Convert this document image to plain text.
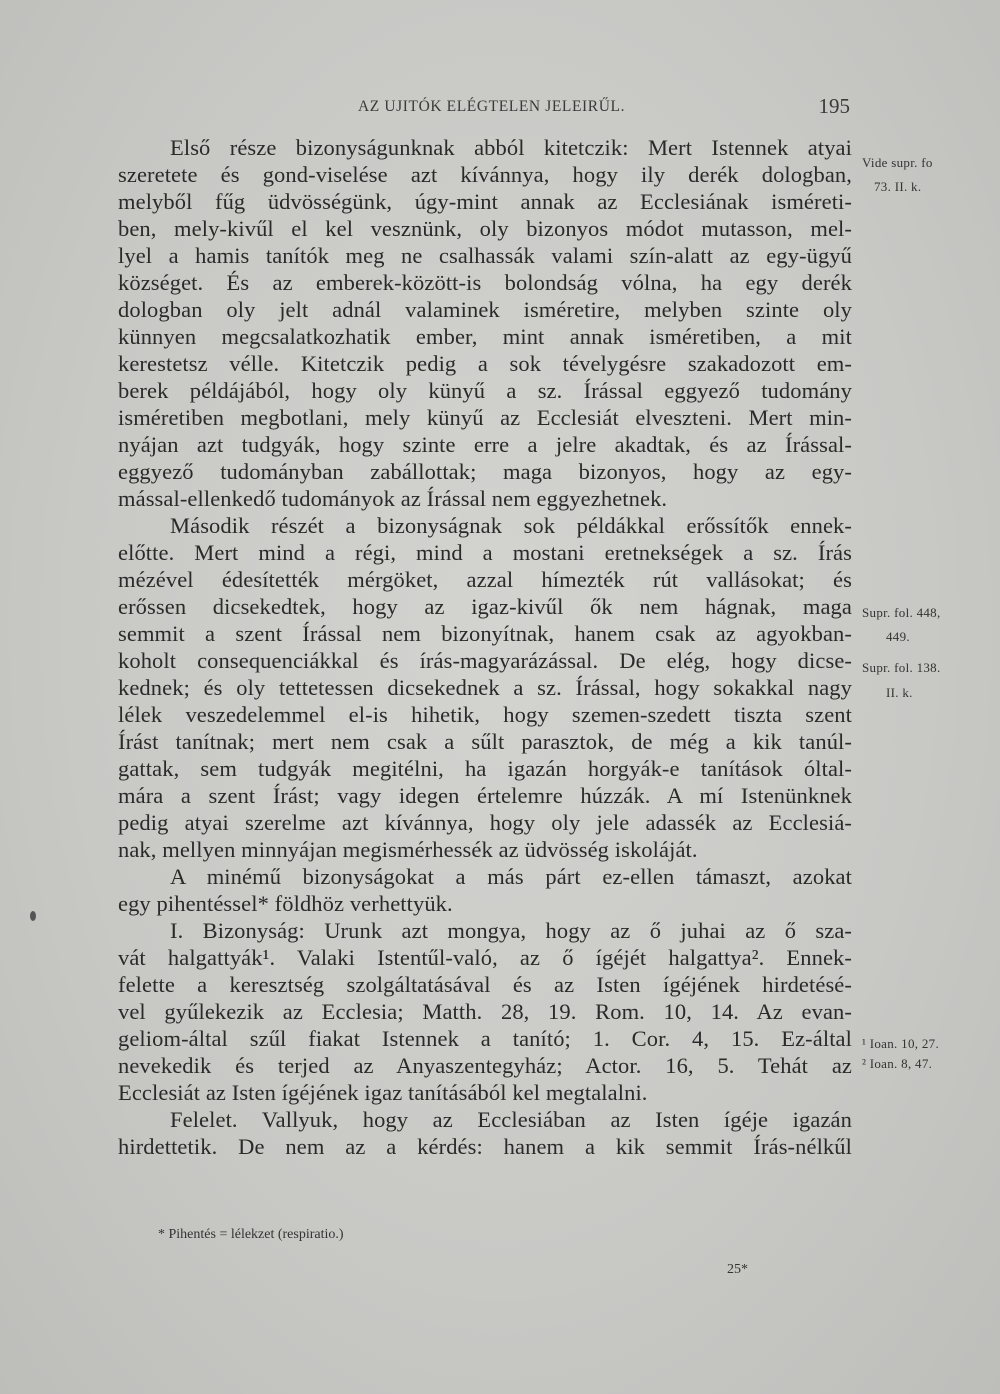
AZ UJITÓK ELÉGTELEN JELEIRŰL.	195
Első része bizonyságunknak abból kitetczik: Mert Istennek atyai
szeretete és gond-viselése azt kívánnya, hogy ily derék dologban,
melyből fűg üdvösségünk, úgy-mint annak az Ecclesiának isméreti-
ben, mely-kivűl el kel vesznünk, oly bizonyos módot mutasson, mel-
lyel a hamis tanítók meg ne csalhassák valami szín-alatt az egy-ügyű
községet. És az emberek-között-is bolondság vólna, ha egy derék
dologban oly jelt adnál valaminek isméretire, melyben szinte oly
künnyen megcsalatkozhatik ember, mint annak isméretiben, a mit
kerestetsz vélle. Kitetczik pedig a sok tévelygésre szakadozott em-
berek példájából, hogy oly künyű a sz. Írással eggyező tudomány
isméretiben megbotlani, mely künyű az Ecclesiát elveszteni. Mert min-
nyájan azt tudgyák, hogy szinte erre a jelre akadtak, és az Írással-
eggyező tudományban zabállottak; maga bizonyos, hogy az egy-
mással-ellenkedő tudományok az Írással nem eggyezhetnek.
Második részét a bizonyságnak sok példákkal erőssítők ennek-
előtte. Mert mind a régi, mind a mostani eretnekségek a sz. Írás
mézével édesítették mérgöket, azzal hímezték rút vallásokat; és
erőssen dicsekedtek, hogy az igaz-kivűl ők nem hágnak, maga
semmit a szent Írással nem bizonyítnak, hanem csak az agyokban-
koholt consequenciákkal és írás-magyarázással. De elég, hogy dicse-
kednek; és oly tettetessen dicsekednek a sz. Írással, hogy sokakkal nagy
lélek veszedelemmel el-is hihetik, hogy szemen-szedett tiszta szent
Írást tanítnak; mert nem csak a sűlt parasztok, de még a kik tanúl-
gattak, sem tudgyák megitélni, ha igazán horgyák-e tanítások óltal-
mára a szent Írást; vagy idegen értelemre húzzák. A mí Istenünknek
pedig atyai szerelme azt kívánnya, hogy oly jele adassék az Ecclesiá-
nak, mellyen minnyájan megismérhessék az üdvösség iskoláját.
A minémű bizonyságokat a más párt ez-ellen támaszt, azokat
egy pihentéssel* földhöz verhettyük.
I. Bizonyság: Urunk azt mongya, hogy az ő juhai az ő sza-
vát halgattyák¹. Valaki Istentűl-való, az ő ígéjét halgattya². Ennek-
felette a keresztség szolgáltatásával és az Isten ígéjének hirdetésé-
vel gyűlekezik az Ecclesia; Matth. 28, 19. Rom. 10, 14. Az evan-
geliom-által szűl fiakat Istennek a tanító; 1. Cor. 4, 15. Ez-által
nevekedik és terjed az Anyaszentegyház; Actor. 16, 5. Tehát az
Ecclesiát az Isten ígéjének igaz tanításából kel megtalalni.
Felelet. Vallyuk, hogy az Ecclesiában az Isten ígéje igazán
hirdettetik. De nem az a kérdés: hanem a kik semmit Írás-nélkűl
Vide supr. fo
73. II. k.
Supr. fol. 448,
449.
Supr. fol. 138.
II. k.
¹ Ioan. 10, 27.
² Ioan. 8, 47.
* Pihentés = lélekzet (respiratio.)
25*
